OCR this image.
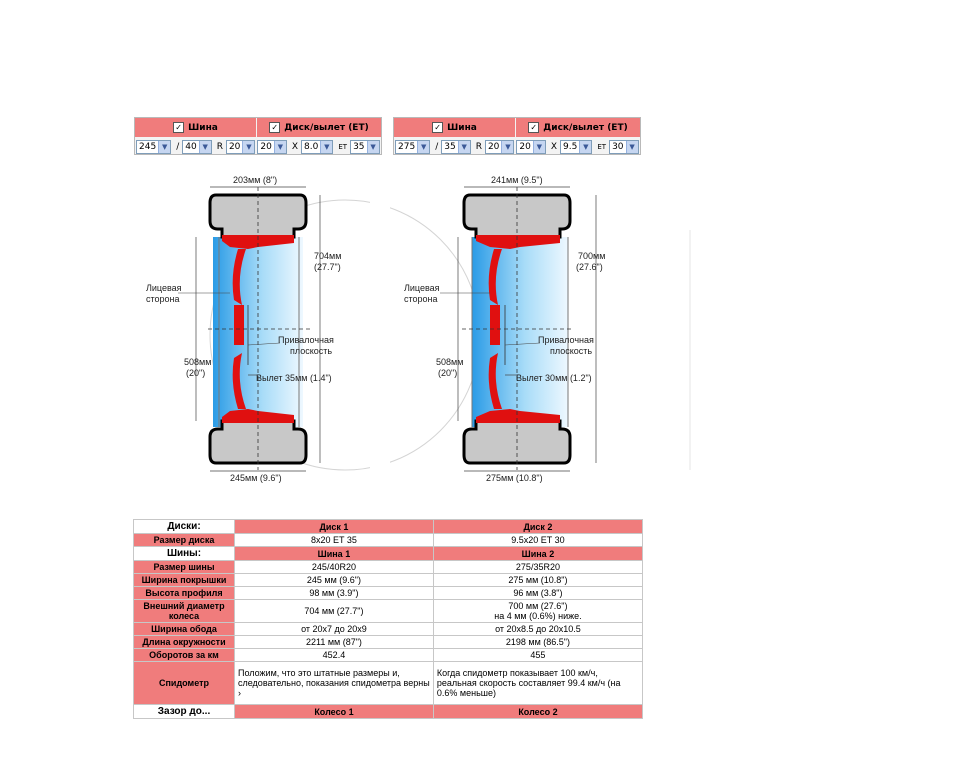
✓ Шина	✓ Диск/вылет (ET)
245 ▼ / 40 ▼ R 20 ▼ 20 ▼ X 8.0 ▼	ET 35 ▼
✓ Шина	✓ Диск/вылет (ET)
275 ▼ / 35 ▼ R 20 ▼ 20 ▼ X 9.5 ▼	ET 30 ▼
203мм (8")
704мм
(27.7")
Лицевая
сторона
508мм
(20")
Привалочная
плоскость
Вылет 35мм (1.4")
245мм (9.6")
241мм (9.5")
700мм
(27.6")
Лицевая
сторона
508мм
(20")
Привалочная
плоскость
Вылет 30мм (1.2")
275мм (10.8")
Диски:	Диск 1	Диск 2
Размер диска	8x20 ET 35	9.5x20 ET 30
Шины:	Шина 1	Шина 2
Размер шины	245/40R20	275/35R20
Ширина покрышки	245 мм (9.6")	275 мм (10.8")
Высота профиля	98 мм (3.9")	96 мм (3.8")
Внешний диаметр колеса	704 мм (27.7")	700 мм (27.6")
на 4 мм (0.6%) ниже.

Ширина обода	от 20x7 до 20x9	от 20x8.5 до 20x10.5
Длина окружности	2211 мм (87")	2198 мм (86.5")
Оборотов за км	452.4	455
Спидометр	Положим, что это штатные размеры и, следовательно, показания спидометра верны ›	Когда спидометр показывает 100 км/ч, реальная скорость составляет 99.4 км/ч (на 0.6% меньше)
Зазор до...	Колесо 1	Колесо 2
